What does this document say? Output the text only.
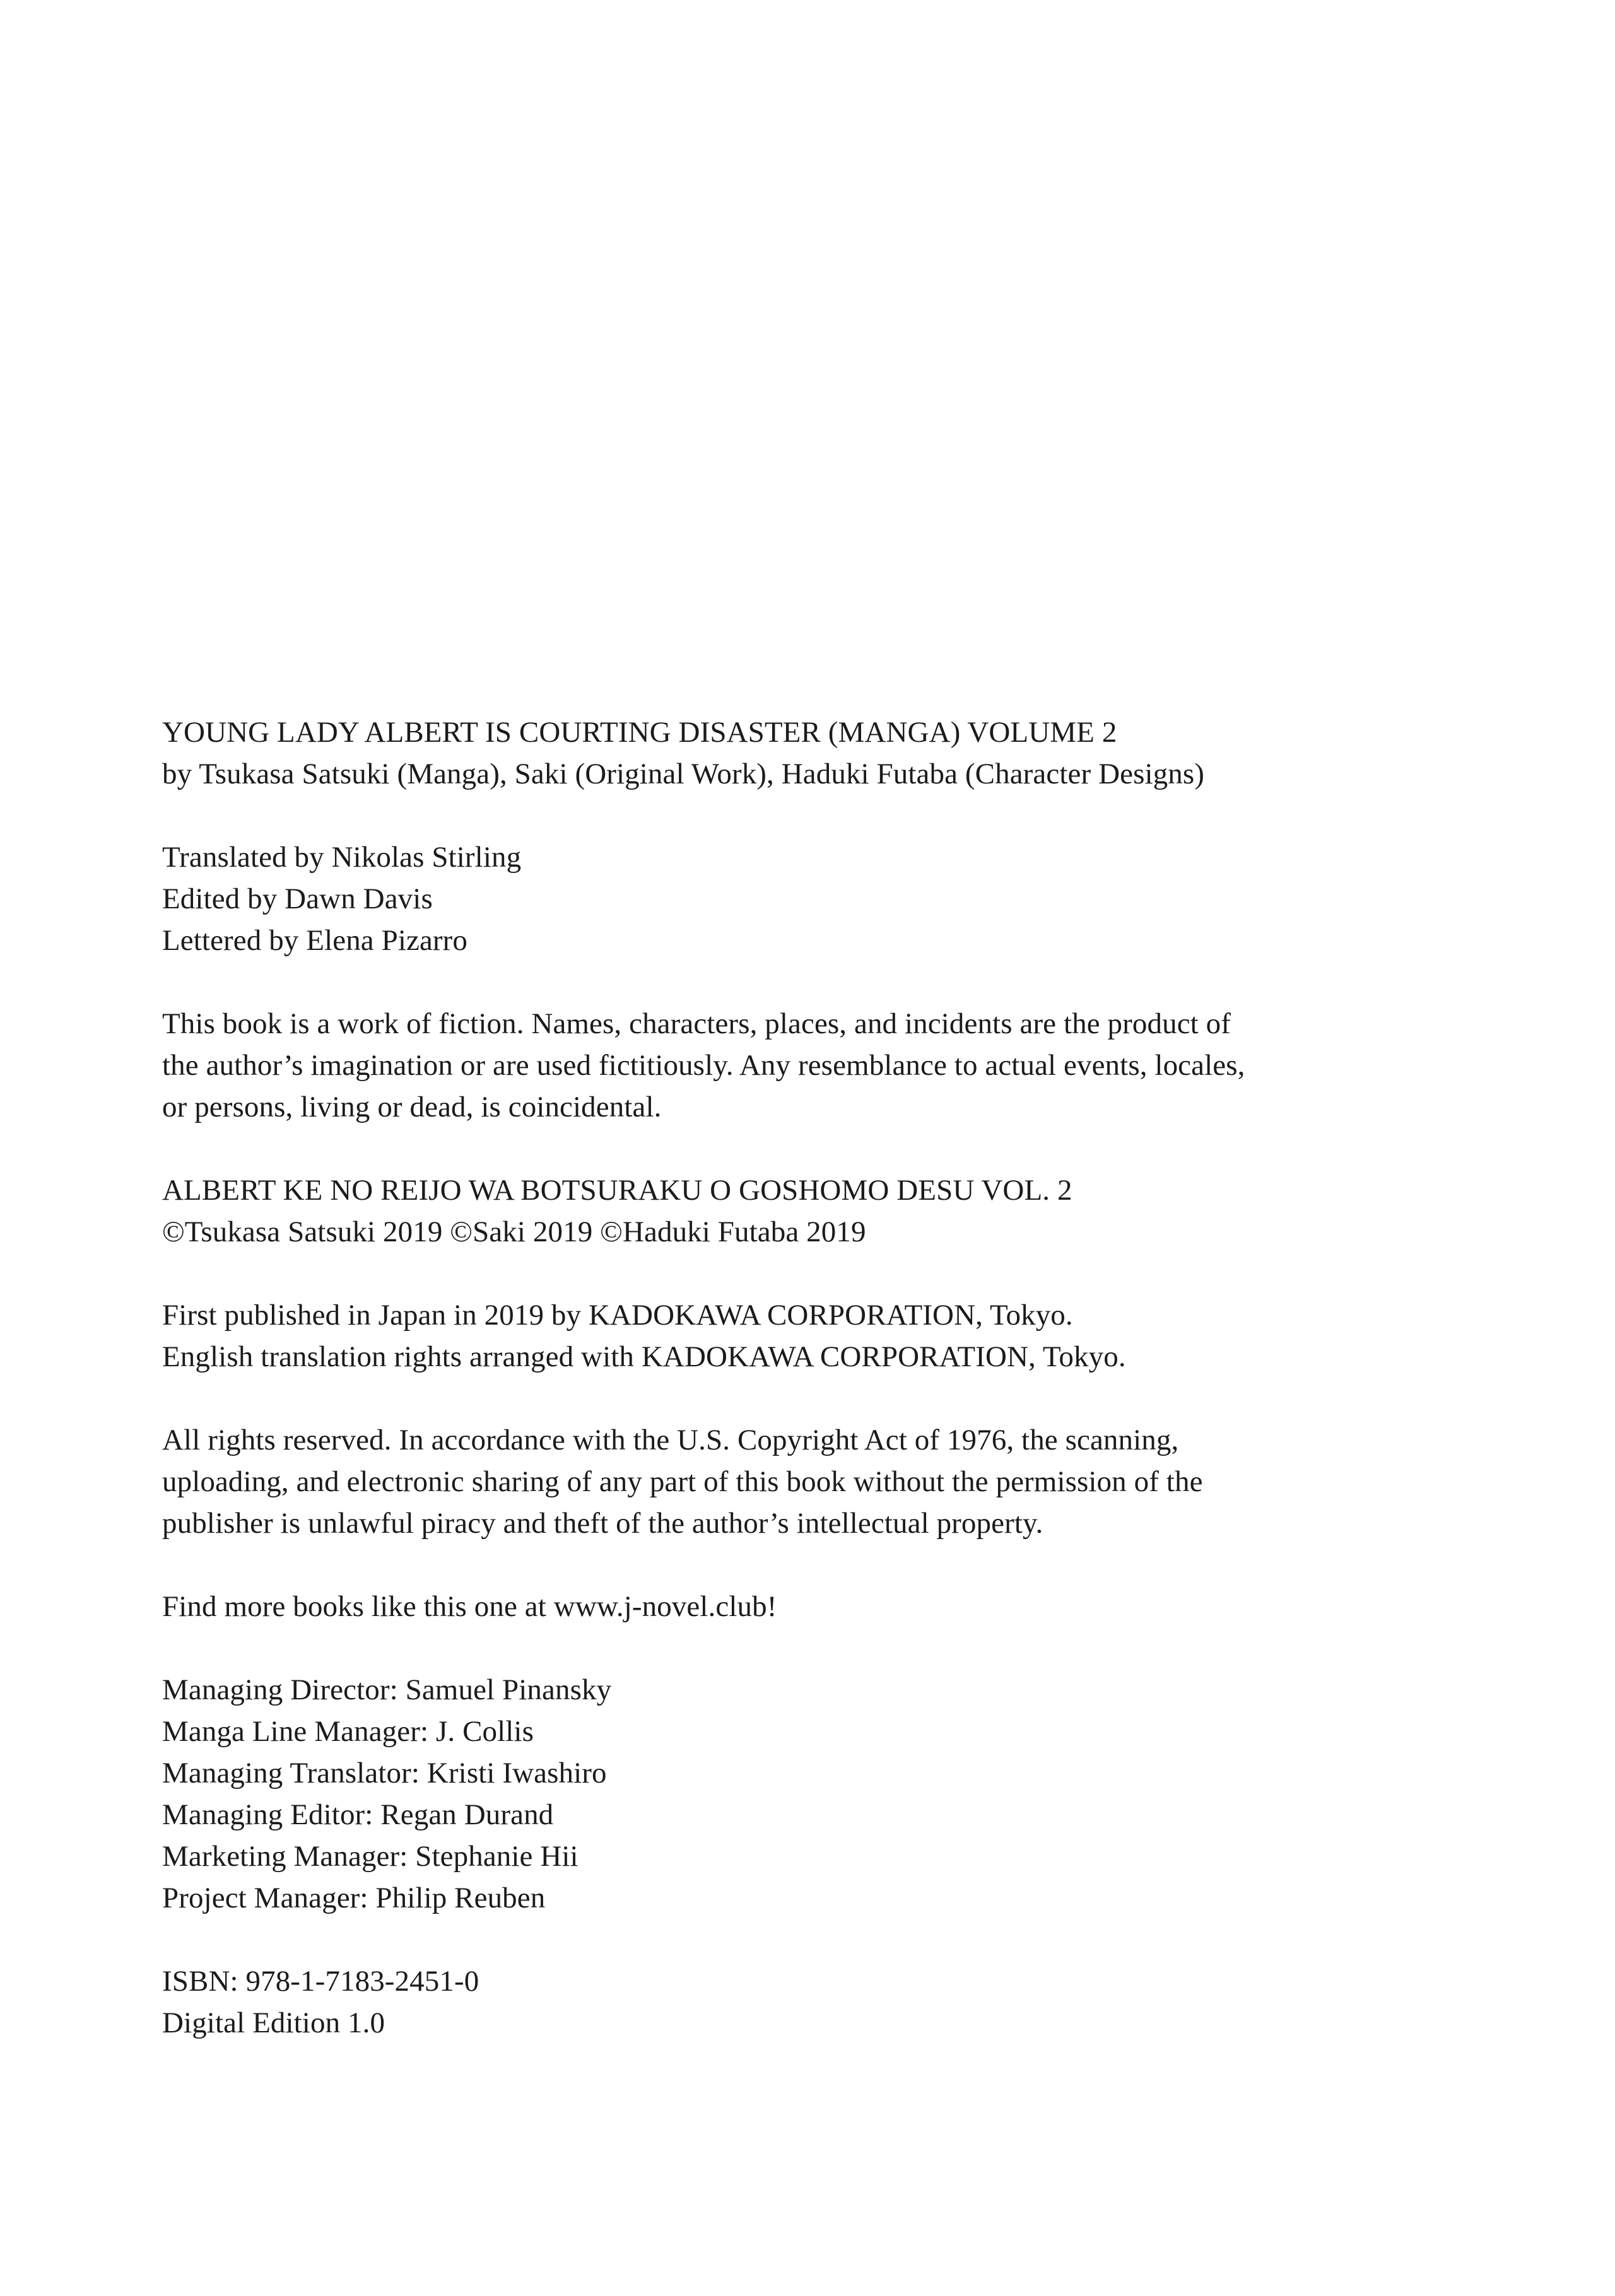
YOUNG LADY ALBERT IS COURTING DISASTER (MANGA) VOLUME 2
by Tsukasa Satsuki (Manga), Saki (Original Work), Haduki Futaba (Character Designs)
Translated by Nikolas Stirling
Edited by Dawn Davis
Lettered by Elena Pizarro
This book is a work of fiction. Names, characters, places, and incidents are the product of
the author’s imagination or are used fictitiously. Any resemblance to actual events, locales,
or persons, living or dead, is coincidental.
ALBERT KE NO REIJO WA BOTSURAKU O GOSHOMO DESU VOL. 2
©Tsukasa Satsuki 2019 ©Saki 2019 ©Haduki Futaba 2019
First published in Japan in 2019 by KADOKAWA CORPORATION, Tokyo.
English translation rights arranged with KADOKAWA CORPORATION, Tokyo.
All rights reserved. In accordance with the U.S. Copyright Act of 1976, the scanning,
uploading, and electronic sharing of any part of this book without the permission of the
publisher is unlawful piracy and theft of the author’s intellectual property.
Find more books like this one at www.j-novel.club!
Managing Director: Samuel Pinansky
Manga Line Manager: J. Collis
Managing Translator: Kristi Iwashiro
Managing Editor: Regan Durand
Marketing Manager: Stephanie Hii
Project Manager: Philip Reuben
ISBN: 978-1-7183-2451-0
Digital Edition 1.0
